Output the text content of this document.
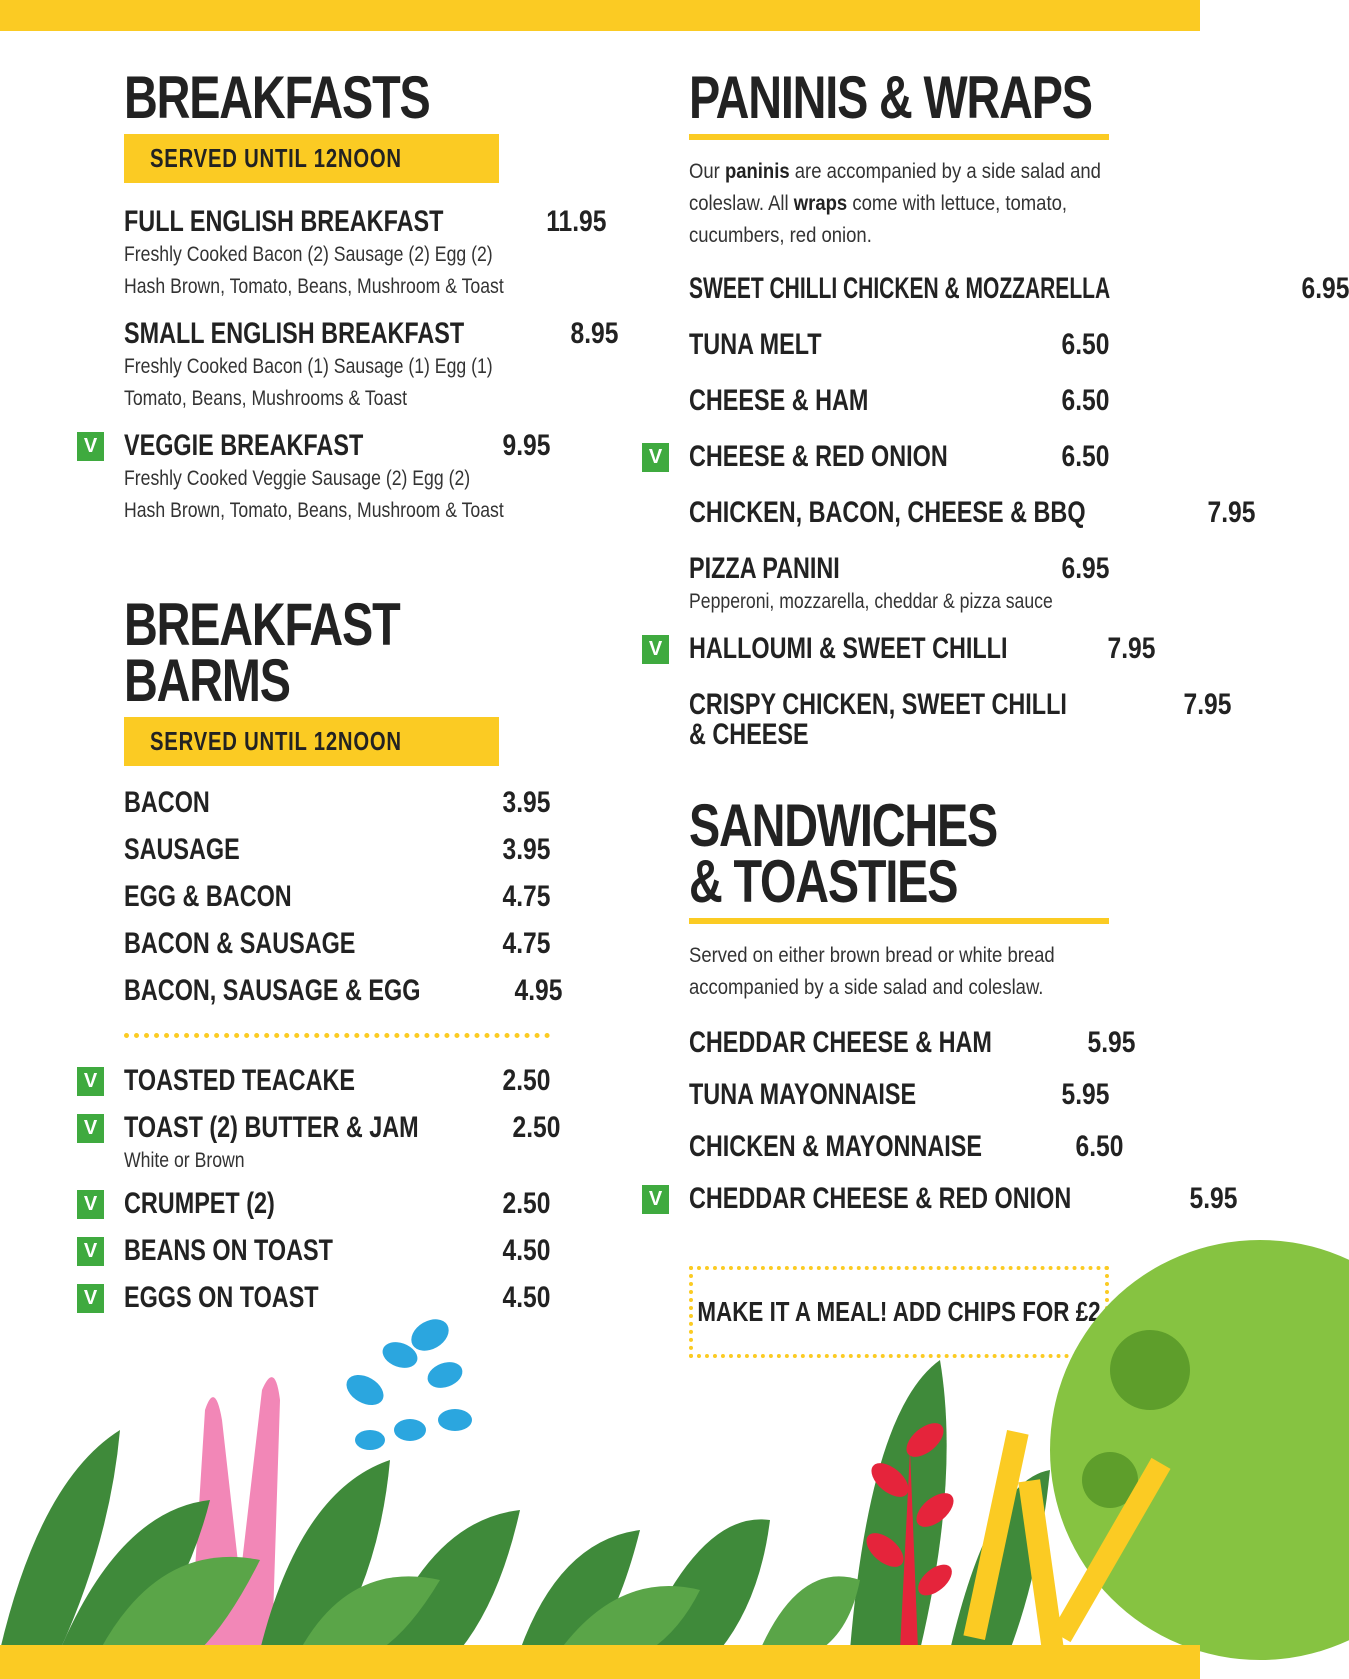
BREAKFASTS
SERVED UNTIL 12NOON
FULL ENGLISH BREAKFAST	11.95
Freshly Cooked Bacon (2) Sausage (2) Egg (2)
Hash Brown, Tomato, Beans, Mushroom & Toast
SMALL ENGLISH BREAKFAST	8.95
Freshly Cooked Bacon (1) Sausage (1) Egg (1)
Tomato, Beans, Mushrooms & Toast
V VEGGIE BREAKFAST	9.95
Freshly Cooked Veggie Sausage (2) Egg (2)
Hash Brown, Tomato, Beans, Mushroom & Toast
BREAKFAST BARMS
SERVED UNTIL 12NOON
BACON	3.95
SAUSAGE	3.95
EGG & BACON	4.75
BACON & SAUSAGE	4.75
BACON, SAUSAGE & EGG	4.95
V TOASTED TEACAKE	2.50
V TOAST (2) BUTTER & JAM	2.50
White or Brown
V CRUMPET (2)	2.50
V BEANS ON TOAST	4.50
V EGGS ON TOAST	4.50
PANINIS & WRAPS
Our paninis are accompanied by a side salad and coleslaw. All wraps come with lettuce, tomato, cucumbers, red onion.
SWEET CHILLI CHICKEN & MOZZARELLA	6.95
TUNA MELT	6.50
CHEESE & HAM	6.50
V CHEESE & RED ONION	6.50
CHICKEN, BACON, CHEESE & BBQ	7.95
PIZZA PANINI	6.95
Pepperoni, mozzarella, cheddar & pizza sauce
V HALLOUMI & SWEET CHILLI	7.95
CRISPY CHICKEN, SWEET CHILLI	7.95
& CHEESE
SANDWICHES & TOASTIES
Served on either brown bread or white bread accompanied by a side salad and coleslaw.
CHEDDAR CHEESE & HAM	5.95
TUNA MAYONNAISE	5.95
CHICKEN & MAYONNAISE	6.50
V CHEDDAR CHEESE & RED ONION	5.95
MAKE IT A MEAL! ADD CHIPS FOR £2
